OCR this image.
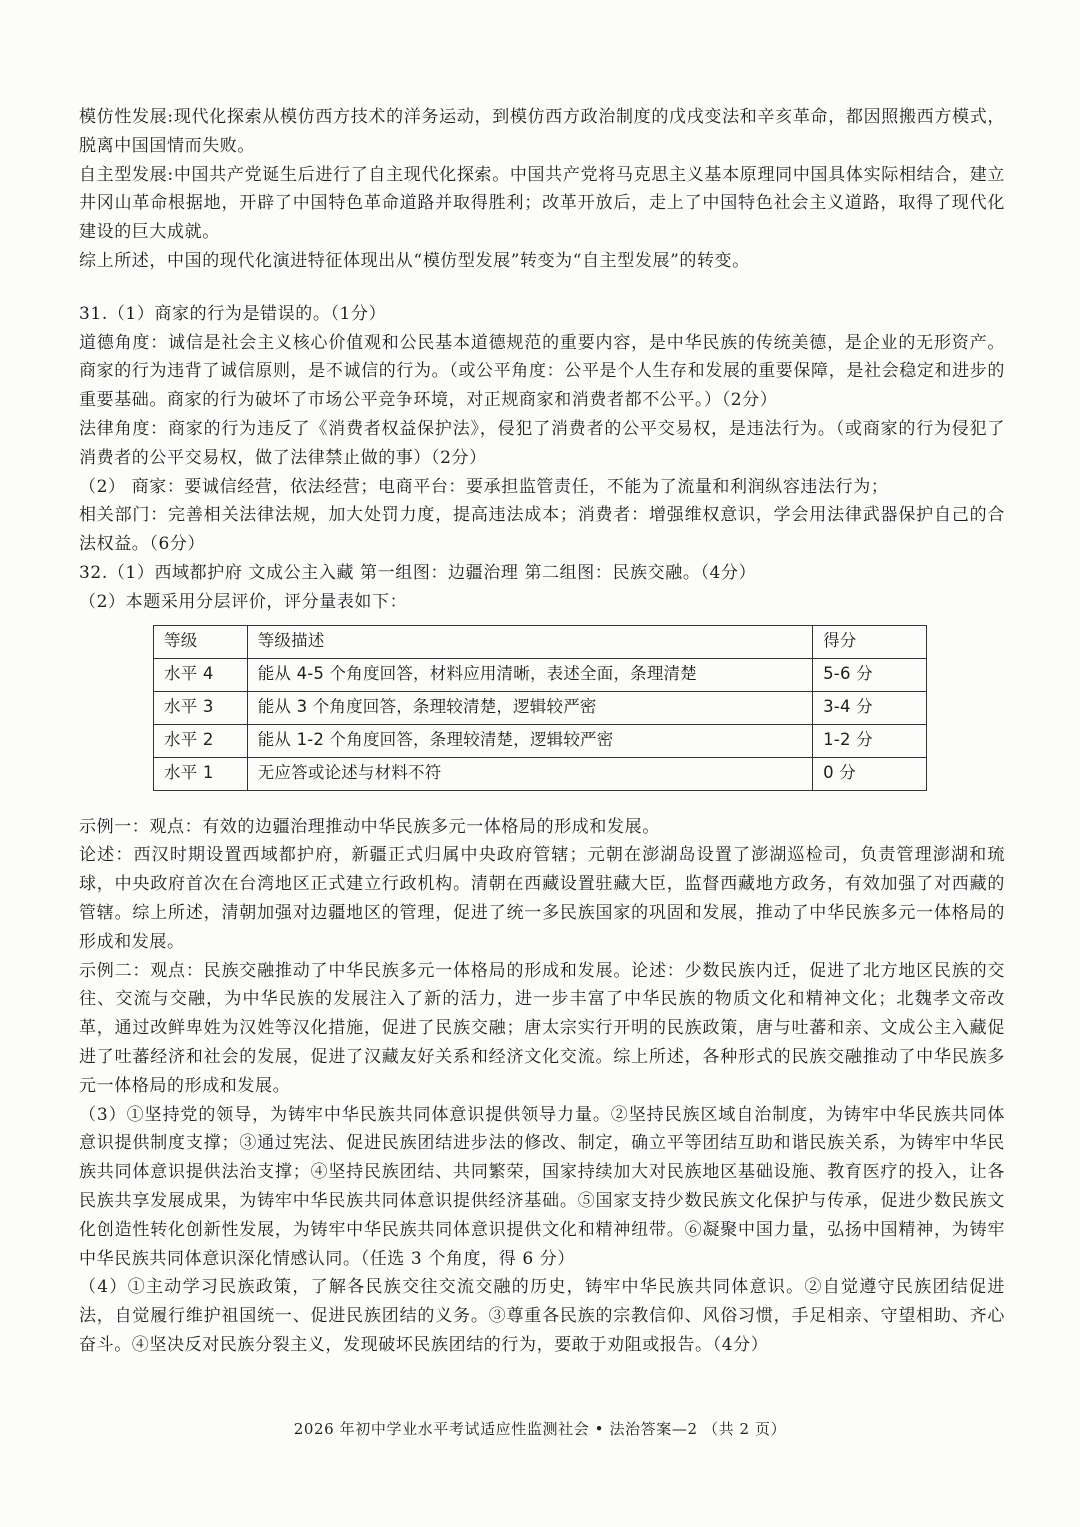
模仿性发展:现代化探索从模仿西方技术的洋务运动，到模仿西方政治制度的戊戌变法和辛亥革命，都因照搬西方模式，脱离中国国情而失败。

自主型发展:中国共产党诞生后进行了自主现代化探索。中国共产党将马克思主义基本原理同中国具体实际相结合，建立井冈山革命根据地，开辟了中国特色革命道路并取得胜利；改革开放后，走上了中国特色社会主义道路，取得了现代化建设的巨大成就。

综上所述，中国的现代化演进特征体现出从“模仿型发展”转变为“自主型发展”的转变。

31.（1）商家的行为是错误的。（1分）

道德角度：诚信是社会主义核心价值观和公民基本道德规范的重要内容，是中华民族的传统美德，是企业的无形资产。商家的行为违背了诚信原则，是不诚信的行为。（或公平角度：公平是个人生存和发展的重要保障，是社会稳定和进步的重要基础。商家的行为破坏了市场公平竞争环境，对正规商家和消费者都不公平。）（2分）

法律角度：商家的行为违反了《消费者权益保护法》，侵犯了消费者的公平交易权，是违法行为。（或商家的行为侵犯了消费者的公平交易权，做了法律禁止做的事）（2分）

（2） 商家：要诚信经营，依法经营；电商平台：要承担监管责任，不能为了流量和利润纵容违法行为；

相关部门：完善相关法律法规，加大处罚力度，提高违法成本；消费者：增强维权意识，学会用法律武器保护自己的合法权益。（6分）

32.（1）西域都护府 文成公主入藏 第一组图：边疆治理 第二组图：民族交融。（4分）

（2）本题采用分层评价，评分量表如下：

等级	等级描述	得分
水平 4	能从 4-5 个角度回答，材料应用清晰，表述全面，条理清楚	5-6 分
水平 3	能从 3 个角度回答，条理较清楚，逻辑较严密	3-4 分
水平 2	能从 1-2 个角度回答，条理较清楚，逻辑较严密	1-2 分
水平 1	无应答或论述与材料不符	0 分

示例一：观点：有效的边疆治理推动中华民族多元一体格局的形成和发展。

论述：西汉时期设置西域都护府，新疆正式归属中央政府管辖；元朝在澎湖岛设置了澎湖巡检司，负责管理澎湖和琉球，中央政府首次在台湾地区正式建立行政机构。清朝在西藏设置驻藏大臣，监督西藏地方政务，有效加强了对西藏的管辖。综上所述，清朝加强对边疆地区的管理，促进了统一多民族国家的巩固和发展，推动了中华民族多元一体格局的形成和发展。

示例二：观点：民族交融推动了中华民族多元一体格局的形成和发展。论述：少数民族内迁，促进了北方地区民族的交往、交流与交融，为中华民族的发展注入了新的活力，进一步丰富了中华民族的物质文化和精神文化；北魏孝文帝改革，通过改鲜卑姓为汉姓等汉化措施，促进了民族交融；唐太宗实行开明的民族政策，唐与吐蕃和亲、文成公主入藏促进了吐蕃经济和社会的发展，促进了汉藏友好关系和经济文化交流。综上所述，各种形式的民族交融推动了中华民族多元一体格局的形成和发展。

（3）①坚持党的领导，为铸牢中华民族共同体意识提供领导力量。②坚持民族区域自治制度，为铸牢中华民族共同体意识提供制度支撑；③通过宪法、促进民族团结进步法的修改、制定，确立平等团结互助和谐民族关系，为铸牢中华民族共同体意识提供法治支撑；④坚持民族团结、共同繁荣，国家持续加大对民族地区基础设施、教育医疗的投入，让各民族共享发展成果，为铸牢中华民族共同体意识提供经济基础。⑤国家支持少数民族文化保护与传承，促进少数民族文化创造性转化创新性发展，为铸牢中华民族共同体意识提供文化和精神纽带。⑥凝聚中国力量，弘扬中国精神，为铸牢中华民族共同体意识深化情感认同。（任选 3 个角度，得 6 分）

（4）①主动学习民族政策，了解各民族交往交流交融的历史，铸牢中华民族共同体意识。②自觉遵守民族团结促进法，自觉履行维护祖国统一、促进民族团结的义务。③尊重各民族的宗教信仰、风俗习惯，手足相亲、守望相助、齐心奋斗。④坚决反对民族分裂主义，发现破坏民族团结的行为，要敢于劝阻或报告。（4分）

2026 年初中学业水平考试适应性监测社会 • 法治答案—2 （共 2 页）
